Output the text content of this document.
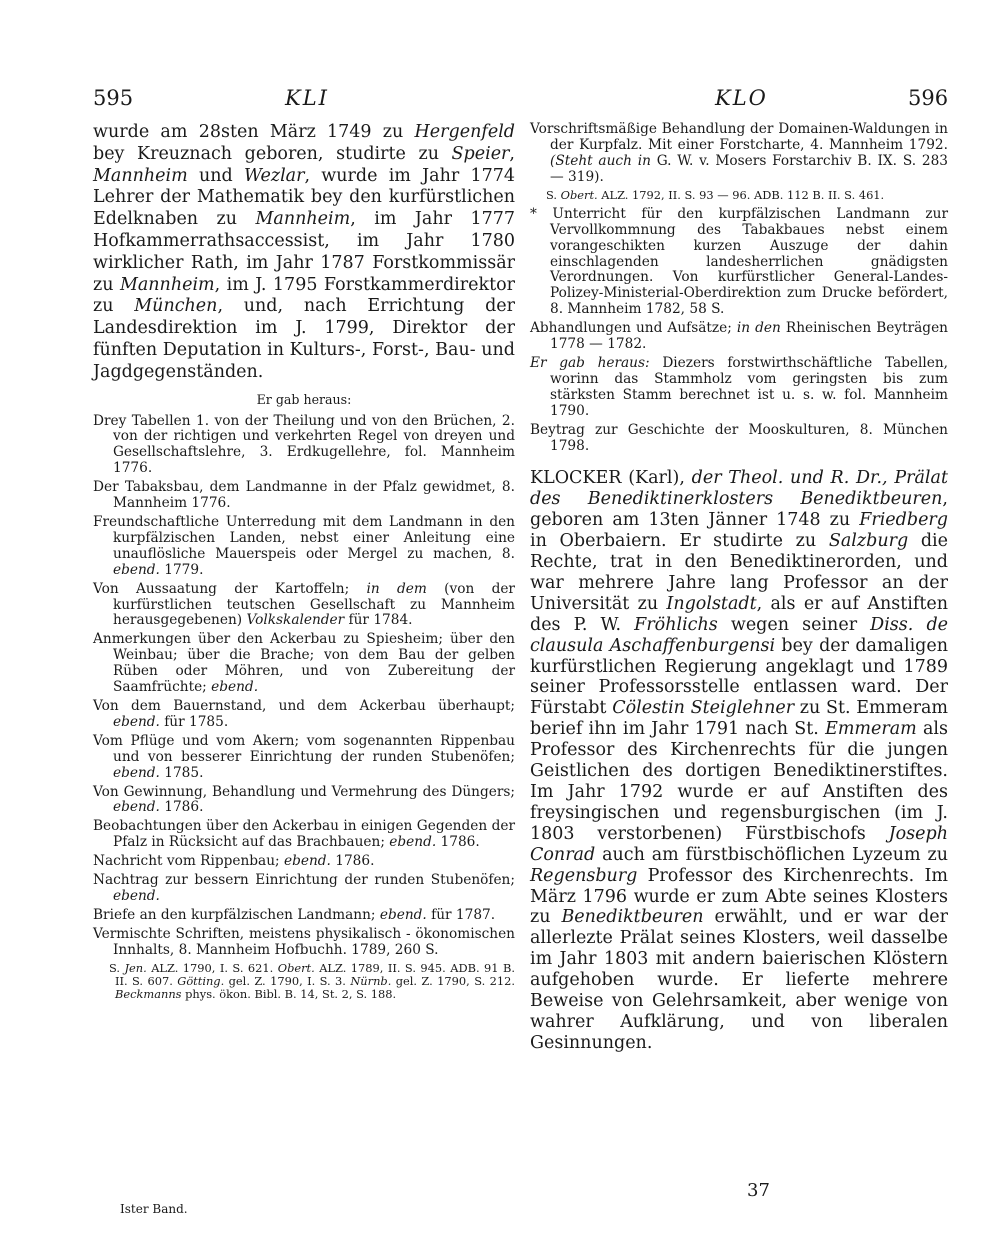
595	KLI	KLO	596

wurde am 28sten März 1749 zu Hergenfeld bey Kreuznach geboren, studirte zu Speier, Mannheim und Wezlar, wurde im Jahr 1774 Lehrer der Mathematik bey den kurfürstlichen Edelknaben zu Mannheim, im Jahr 1777 Hofkammerrathsaccessist, im Jahr 1780 wirklicher Rath, im Jahr 1787 Forstkommissär zu Mannheim, im J. 1795 Forstkammerdirektor zu München, und, nach Errichtung der Landesdirektion im J. 1799, Direktor der fünften Deputation in Kulturs-, Forst-, Bau- und Jagdgegenständen.

Er gab heraus:

Drey Tabellen 1. von der Theilung und von den Brüchen, 2. von der richtigen und verkehrten Regel von dreyen und Gesellschaftslehre, 3. Erdkugellehre, fol. Mannheim 1776.

Der Tabaksbau, dem Landmanne in der Pfalz gewidmet, 8. Mannheim 1776.

Freundschaftliche Unterredung mit dem Landmann in den kurpfälzischen Landen, nebst einer Anleitung eine unauflösliche Mauerspeis oder Mergel zu machen, 8. ebend. 1779.

Von Aussaatung der Kartoffeln; in dem (von der kurfürstlichen teutschen Gesellschaft zu Mannheim herausgegebenen) Volkskalender für 1784.

Anmerkungen über den Ackerbau zu Spiesheim; über den Weinbau; über die Brache; von dem Bau der gelben Rüben oder Möhren, und von Zubereitung der Saamfrüchte; ebend.

Von dem Bauernstand, und dem Ackerbau überhaupt; ebend. für 1785.

Vom Pflüge und vom Akern; vom sogenannten Rippenbau und von besserer Einrichtung der runden Stubenöfen; ebend. 1785.

Von Gewinnung, Behandlung und Vermehrung des Düngers; ebend. 1786.

Beobachtungen über den Ackerbau in einigen Gegenden der Pfalz in Rücksicht auf das Brachbauen; ebend. 1786.

Nachricht vom Rippenbau; ebend. 1786.

Nachtrag zur bessern Einrichtung der runden Stubenöfen; ebend.

Briefe an den kurpfälzischen Landmann; ebend. für 1787.

Vermischte Schriften, meistens physikalisch - ökonomischen Innhalts, 8. Mannheim Hofbuchh. 1789, 260 S.

S. Jen. ALZ. 1790, I. S. 621. Obert. ALZ. 1789, II. S. 945. ADB. 91 B. II. S. 607. Götting. gel. Z. 1790, I. S. 3. Nürnb. gel. Z. 1790, S. 212. Beckmanns phys. ökon. Bibl. B. 14, St. 2, S. 188.

Vorschriftsmäßige Behandlung der Domainen-Waldungen in der Kurpfalz. Mit einer Forstcharte, 4. Mannheim 1792. (Steht auch in G. W. v. Mosers Forstarchiv B. IX. S. 283 — 319).

S. Obert. ALZ. 1792, II. S. 93 — 96. ADB. 112 B. II. S. 461.

* Unterricht für den kurpfälzischen Landmann zur Vervollkommnung des Tabakbaues nebst einem vorangeschikten kurzen Auszuge der dahin einschlagenden landesherrlichen gnädigsten Verordnungen. Von kurfürstlicher General-Landes-Polizey-Ministerial-Oberdirektion zum Drucke befördert, 8. Mannheim 1782, 58 S.

Abhandlungen und Aufsätze; in den Rheinischen Beyträgen 1778 — 1782.

Er gab heraus: Diezers forstwirthschäftliche Tabellen, worinn das Stammholz vom geringsten bis zum stärksten Stamm berechnet ist u. s. w. fol. Mannheim 1790.

Beytrag zur Geschichte der Mooskulturen, 8. München 1798.

KLOCKER (Karl), der Theol. und R. Dr., Prälat des Benediktinerklosters Benediktbeuren, geboren am 13ten Jänner 1748 zu Friedberg in Oberbaiern. Er studirte zu Salzburg die Rechte, trat in den Benediktinerorden, und war mehrere Jahre lang Professor an der Universität zu Ingolstadt, als er auf Anstiften des P. W. Fröhlichs wegen seiner Diss. de clausula Aschaffenburgensi bey der damaligen kurfürstlichen Regierung angeklagt und 1789 seiner Professorsstelle entlassen ward. Der Fürstabt Cölestin Steiglehner zu St. Emmeram berief ihn im Jahr 1791 nach St. Emmeram als Professor des Kirchenrechts für die jungen Geistlichen des dortigen Benediktinerstiftes. Im Jahr 1792 wurde er auf Anstiften des freysingischen und regensburgischen (im J. 1803 verstorbenen) Fürstbischofs Joseph Conrad auch am fürstbischöflichen Lyzeum zu Regensburg Professor des Kirchenrechts. Im März 1796 wurde er zum Abte seines Klosters zu Benediktbeuren erwählt, und er war der allerlezte Prälat seines Klosters, weil dasselbe im Jahr 1803 mit andern baierischen Klöstern aufgehoben wurde. Er lieferte mehrere Beweise von Gelehrsamkeit, aber wenige von wahrer Aufklärung, und von liberalen Gesinnungen.

Ister Band.
37
